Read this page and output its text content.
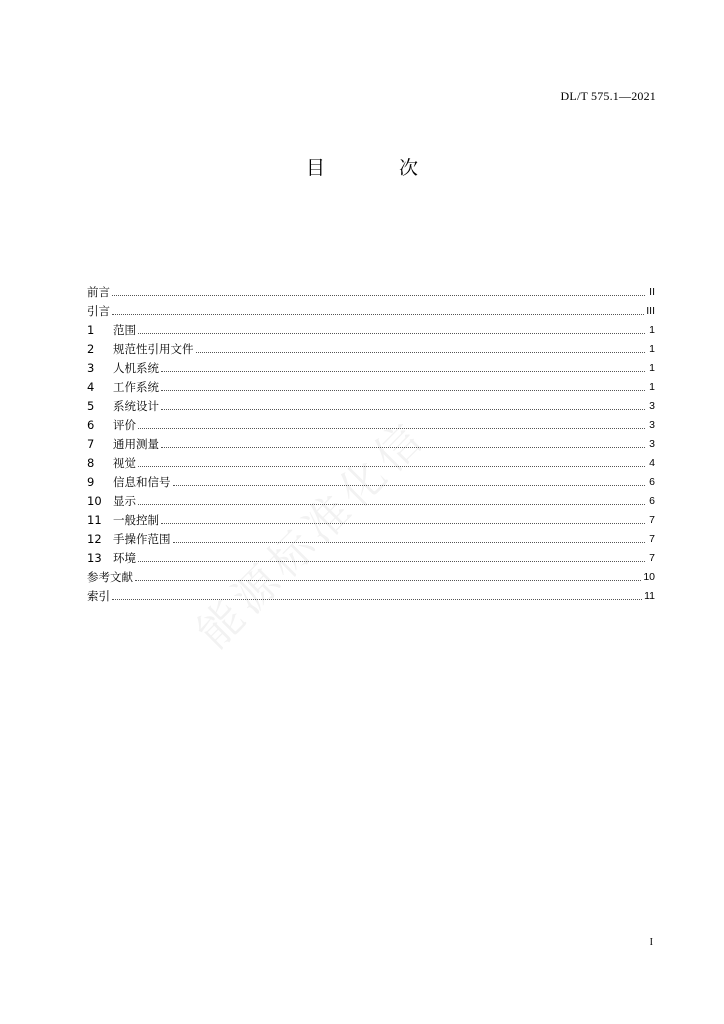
DL/T 575.1—2021
目 次
前言	II
引言	III
1	范围	1
2	规范性引用文件	1
3	人机系统	1
4	工作系统	1
5	系统设计	3
6	评价	3
7	通用测量	3
8	视觉	4
9	信息和信号	6
10 显示	6
11 一般控制	7
12 手操作范围	7
13 环境	7
参考文献	10
索引	11
能源标准化信
I
